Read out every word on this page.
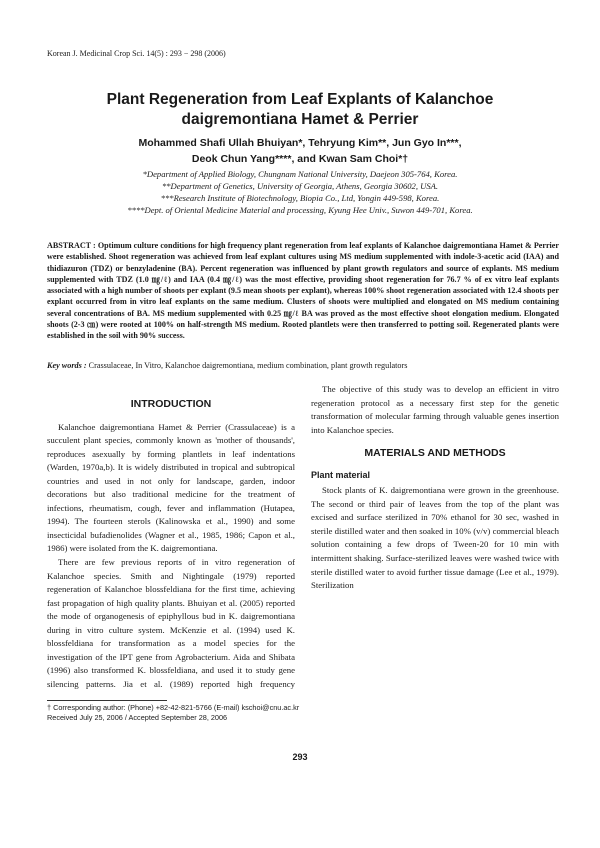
Korean J. Medicinal Crop Sci. 14(5) : 293 − 298 (2006)
Plant Regeneration from Leaf Explants of Kalanchoe
daigremontiana Hamet & Perrier
Mohammed Shafi Ullah Bhuiyan*, Tehryung Kim**, Jun Gyo In***,
Deok Chun Yang****, and Kwan Sam Choi*†
*Department of Applied Biology, Chungnam National University, Daejeon 305-764, Korea.
**Department of Genetics, University of Georgia, Athens, Georgia 30602, USA.
***Research Institute of Biotechnology, Biopia Co., Ltd, Yongin 449-598, Korea.
****Dept. of Oriental Medicine Material and processing, Kyung Hee Univ., Suwon 449-701, Korea.
ABSTRACT : Optimum culture conditions for high frequency plant regeneration from leaf explants of Kalanchoe daigremontiana Hamet & Perrier were established. Shoot regeneration was achieved from leaf explant cultures using MS medium supplemented with indole-3-acetic acid (IAA) and thidiazuron (TDZ) or benzyladenine (BA). Percent regeneration was influenced by plant growth regulators and source of explants. MS medium supplemented with TDZ (1.0 ㎎/ℓ) and IAA (0.4 ㎎/ℓ) was the most effective, providing shoot regeneration for 76.7 % of ex vitro leaf explants associated with a high number of shoots per explant (9.5 mean shoots per explant), whereas 100% shoot regeneration associated with 12.4 shoots per explant occurred from in vitro leaf explants on the same medium. Clusters of shoots were multiplied and elongated on MS medium containing several concentrations of BA. MS medium supplemented with 0.25 ㎎/ℓ BA was proved as the most effective shoot elongation medium. Elongated shoots (2-3 ㎝) were rooted at 100% on half-strength MS medium. Rooted plantlets were then transferred to potting soil. Regenerated plants were established in the soil with 90% success.
Key words : Crassulaceae, In Vitro, Kalanchoe daigremontiana, medium combination, plant growth regulators
INTRODUCTION

Kalanchoe daigremontiana Hamet & Perrier (Crassulaceae) is a succulent plant species, commonly known as 'mother of thousands', reproduces asexually by forming plantlets in leaf indentations (Warden, 1970a,b). It is widely distributed in tropical and subtropical countries and used in not only for landscape, garden, indoor decorations but also traditional medicine for the treatment of infections, rheumatism, cough, fever and inflammation (Hutapea, 1994). The fourteen sterols (Kalinowska et al., 1990) and some insecticidal bufadienolides (Wagner et al., 1985, 1986; Capon et al., 1986) were isolated from the K. daigremontiana.

There are few previous reports of in vitro regeneration of Kalanchoe species. Smith and Nightingale (1979) reported regeneration of Kalanchoe blossfeldiana for the first time, achieving fast propagation of high quality plants. Bhuiyan et al. (2005) reported the mode of organogenesis of epiphyllous bud in K. daigremontiana during in vitro culture system. McKenzie et al. (1994) used K. blossfeldiana for transformation as a model species for the investigation of the IPT gene from Agrobacterium. Aida and Shibata (1996) also transformed K. blossfeldiana, and used it to study gene silencing patterns. Jia et al. (1989) reported high frequency

The objective of this study was to develop an efficient in vitro regeneration protocol as a necessary first step for the genetic transformation of molecular farming through valuable genes insertion into Kalanchoe species.

MATERIALS AND METHODS
Plant material

Stock plants of K. daigremontiana were grown in the greenhouse. The second or third pair of leaves from the top of the plant was excised and surface sterilized in 70% ethanol for 30 sec, washed in sterile distilled water and then soaked in 10% (v/v) commercial bleach solution containing a few drops of Tween-20 for 10 min with intermittent shaking. Surface-sterilized leaves were washed twice with sterile distilled water to avoid further tissue damage (Lee et al., 1979). Sterilization

† Corresponding author: (Phone) +82-42-821-5766 (E-mail) kschoi@cnu.ac.kr
Received July 25, 2006 / Accepted September 28, 2006
293
